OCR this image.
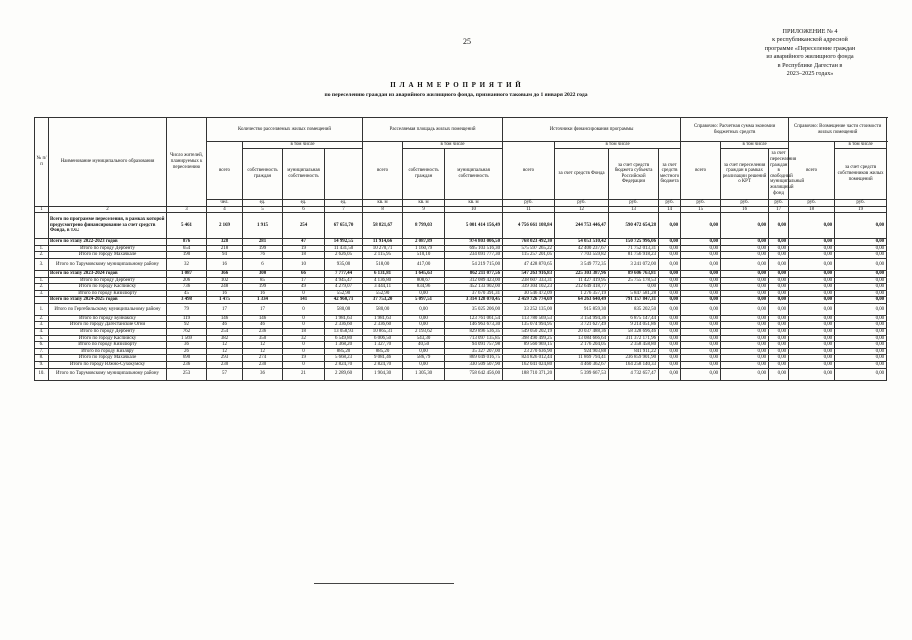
25
ПРИЛОЖЕНИЕ № 4
к республиканской адресной
программе «Переселение граждан
из аварийного жилищного фонда
в Республике Дагестан в
2023–2025 годах»
П Л А Н М Е Р О П Р И Я Т И Й
по переселению граждан из аварийного жилищного фонда, признанного таковым до 1 января 2022 года
№ п/п	Наименование муниципального образования	Число жителей, планируемых к переселению	Количество расселяемых жилых помещений				Расселяемая площадь жилых помещений			Источники финансирования программы				Справочно: Расчетная сумма экономии бюджетных средств			Справочно: Возмещение части стоимости жилых помещений		
			всего	в том числе			всего	в том числе		всего	в том числе			всего	в том числе		всего	в том числе	
				собственность граждан	муниципальная собственность			собственность граждан	муниципальная собственность		за счет средств Фонда	за счет средств бюджета субъекта Российской Федерации	за счет средств местного бюджета		за счет переселения граждан в рамках реализации решений о КРТ	за счет переселения граждан в свободный муниципальный жилищный фонд		за счет средств собственников жилых помещений	
			чел.	ед.	ед.	ед.	кв. м	кв. м	кв. м	руб.	руб.	руб.	руб.	руб.	руб.	руб.	руб.	руб.	
1	2	3	4	5	6	7	8	9	10	11	12	13	14	15	16	17	18	19	
	Всего по программе переселения, в рамках которой предусмотрено финансирование за счет средств Фонда, в т.ч.:	5 461	2 169	1 915	254	67 651,70	58 821,67	8 799,03	5 001 414 156,49	4 756 661 108,84	244 753 446,47	590 472 654,28	0,00	0,00	0,00	0,00	0,00	0,00	
	Всего по этапу 2022-2023 годов	876	328	281	47	14 992,55	11 914,66	2 087,89	974 803 006,50	768 023 492,30	54 053 510,42	150 725 996,06	0,00	0,00	0,00	0,00	0,00	0,00	
1.	Итого по городу Дербенту	654	218	199	19	11 431,50	10 270,71	1 160,79	695 103 516,30	575 597 265,22	42 400 237,67	71 752 013,31	0,00	0,00	0,00	0,00	0,00	0,00	
2.	Итого по городу Махачкале	190	94	76	18	2 626,05	2 115,95	510,10	234 691 777,30	115 257 201,05	7 703 559,82	81 756 918,23	0,00	0,00	0,00	0,00	0,00	0,00	
3.	Итого по Тарумовскому муниципальному району	32	16	6	10	935,00	518,00	417,00	54 219 715,00	47 428 870,65	3 549 772,35	3 241 072,00	0,00	0,00	0,00	0,00	0,00	0,00	
	Всего по этапу 2023-2024 годов	1 087	366	300	66	7 777,44	6 131,81	1 645,63	862 211 077,56	547 263 916,83	225 303 387,96	89 606 763,81	0,00	0,00	0,00	0,00	0,00	0,00	
1.	Итого по городу Дербенту	206	102	85	17	4 945,47	4 136,80	808,67	312 089 423,00	238 607 333,31	11 427 419,95	25 755 178,53	0,00	0,00	0,00	0,00	0,00	0,00	
2.	Итого по городу Каспийску	736	248	199	49	4 279,07	3 444,11	834,96	452 133 902,00	339 304 102,23	212 649 418,77	0,00	0,00	0,00	0,00	0,00	0,00	0,00	
3.	Итого по городу Кизилюрту	45	16	16	0	552,90	552,90	0,00	37 670 391,31	30 546 472,09	1 276 357,19	5 847 581,28	0,00	0,00	0,00	0,00	0,00	0,00	
	Всего по этапу 2024-2025 годов	3 498	1 475	1 334	141	42 960,71	37 753,20	5 097,51	3 314 128 070,45	2 459 726 774,69	64 263 640,49	791 157 847,31	0,00	0,00	0,00	0,00	0,00	0,00	
1.	Итого по Гергебильскому муниципальному району	79	17	17	0	580,00	580,00	0,00	35 025 206,00	33 252 135,00	915 859,30	835 202,50	0,00	0,00	0,00	0,00	0,00	0,00	
2.	Итого по городу Буйнакску	119	146	146	0	1 981,63	1 981,63	0,00	123 761 061,54	113 780 569,53	3 154 994,36	6 875 147,44	0,00	0,00	0,00	0,00	0,00	0,00	
3.	Итого по городу Дагестанские Огни	92	46	46	0	2 336,60	2 336,60	0,00	146 963 673,30	135 074 994,95	3 721 627,49	9 214 051,86	0,00	0,00	0,00	0,00	0,00	0,00	
4.	Итого по городу Дербенту	762	254	236	18	13 058,93	10 865,31	2 193,62	829 896 536,35	549 050 202,19	20 037 488,36	58 328 696,46	0,00	0,00	0,00	0,00	0,00	0,00	
5.	Итого по городу Каспийску	1 569	382	350	32	6 549,80	6 006,50	543,30	713 097 135,85	398 490 499,25	13 084 666,64	311 372 171,96	0,00	0,00	0,00	0,00	0,00	0,00	
6.	Итого по городу Кизилюрту	36	12	12	0	1 368,20	1 327,70	40,50	94 091 757,98	89 560 969,15	2 176 204,05	2 358 458,80	0,00	0,00	0,00	0,00	0,00	0,00	
7.	Итого по городу Кизляру	26	12	12	0	885,20	885,20	0,00	35 327 207,00	23 270 636,90	924 903,88	841 911,22	0,00	0,00	0,00	0,00	0,00	0,00	
8.	Итого по городу Махачкале	690	293	274	19	5 668,23	9 081,46	586,79	869 049 016,75	824 826 012,44	11 869 794,41	236 859 901,90	0,00	0,00	0,00	0,00	0,00	0,00	
9.	Итого по городу Южно-Сухокумску	236	230	230	0	2 824,70	2 824,70	0,00	330 509 507,90	162 041 024,80	4 460 362,67	164 258 140,33	0,00	0,00	0,00	0,00	0,00	0,00	
10.	Итого по Тарумовскому муниципальному району	253	57	36	21	2 289,60	1 904,30	1 305,30	758 642 456,00	188 710 371,20	5 399 667,53	4 732 657,47	0,00	0,00	0,00	0,00	0,00	0,00	
